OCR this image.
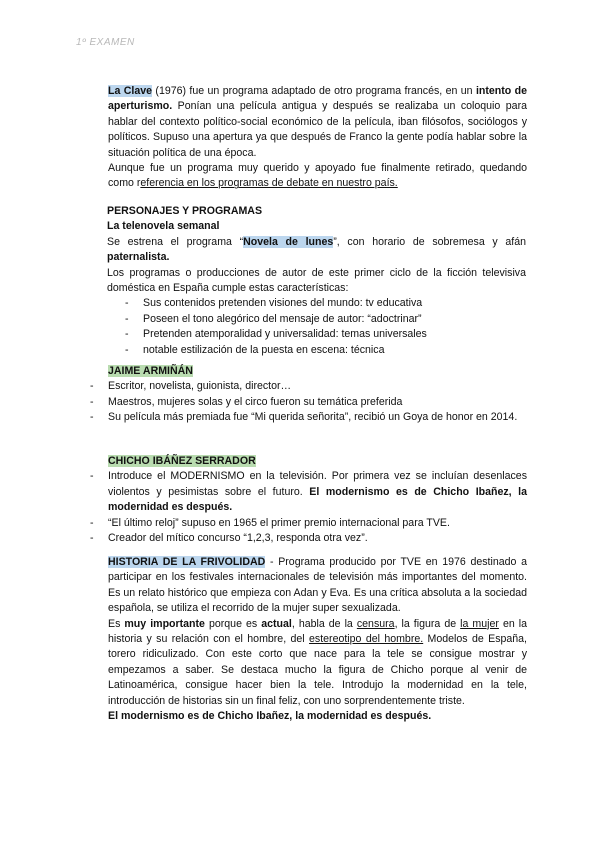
1º EXAMEN
La Clave (1976) fue un programa adaptado de otro programa francés, en un intento de aperturismo. Ponían una película antigua y después se realizaba un coloquio para hablar del contexto político-social económico de la película, iban filósofos, sociólogos y políticos. Supuso una apertura ya que después de Franco la gente podía hablar sobre la situación política de una época.
Aunque fue un programa muy querido y apoyado fue finalmente retirado, quedando como referencia en los programas de debate en nuestro país.
PERSONAJES Y PROGRAMAS
La telenovela semanal
Se estrena el programa “Novela de lunes”, con horario de sobremesa y afán paternalista.
Los programas o producciones de autor de este primer ciclo de la ficción televisiva doméstica en España cumple estas características:
- Sus contenidos pretenden visiones del mundo: tv educativa
- Poseen el tono alegórico del mensaje de autor: “adoctrinar”
- Pretenden atemporalidad y universalidad: temas universales
- notable estilización de la puesta en escena: técnica
JAIME ARMIÑÁN
- Escritor, novelista, guionista, director…
- Maestros, mujeres solas y el circo fueron su temática preferida
- Su película más premiada fue “Mi querida señorita”, recibió un Goya de honor en 2014.
CHICHO IBÁÑEZ SERRADOR
- Introduce el MODERNISMO en la televisión. Por primera vez se incluían desenlaces violentos y pesimistas sobre el futuro. El modernismo es de Chicho Ibañez, la modernidad es después.
- “El último reloj” supuso en 1965 el primer premio internacional para TVE.
- Creador del mítico concurso “1,2,3, responda otra vez”.
HISTORIA DE LA FRIVOLIDAD - Programa producido por TVE en 1976 destinado a participar en los festivales internacionales de televisión más importantes del momento. Es un relato histórico que empieza con Adan y Eva. Es una crítica absoluta a la sociedad española, se utiliza el recorrido de la mujer super sexualizada.
Es muy importante porque es actual, habla de la censura, la figura de la mujer en la historia y su relación con el hombre, del estereotipo del hombre. Modelos de España, torero ridiculizado. Con este corto que nace para la tele se consigue mostrar y empezamos a saber. Se destaca mucho la figura de Chicho porque al venir de Latinoamérica, consigue hacer bien la tele. Introdujo la modernidad en la tele, introducción de historias sin un final feliz, con uno sorprendentemente triste.
El modernismo es de Chicho Ibañez, la modernidad es después.
